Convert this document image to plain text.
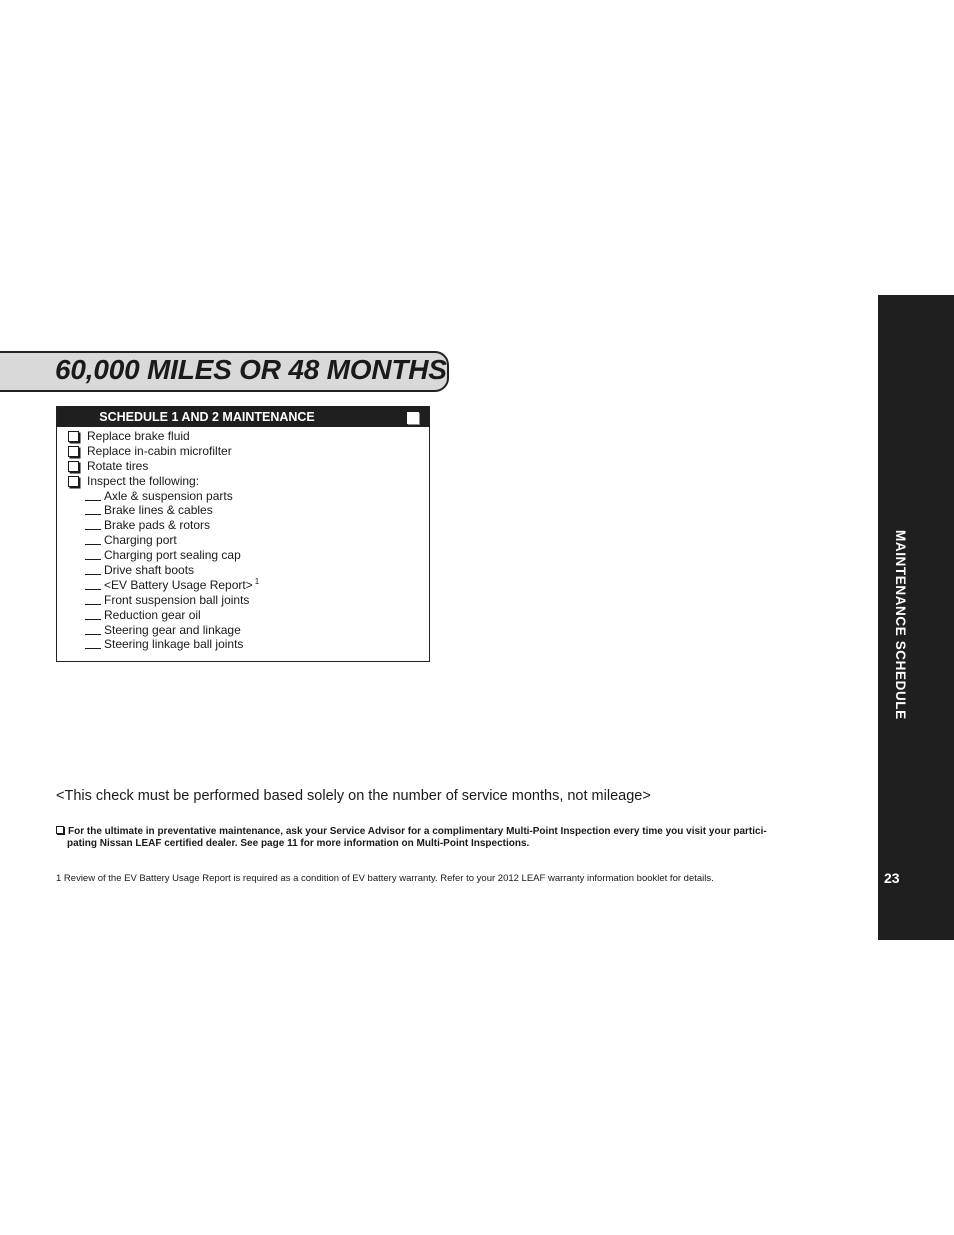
60,000 MILES OR 48 MONTHS
SCHEDULE 1 AND 2 MAINTENANCE
Replace brake fluid
Replace in-cabin microfilter
Rotate tires
Inspect the following:
Axle & suspension parts
Brake lines & cables
Brake pads & rotors
Charging port
Charging port sealing cap
Drive shaft boots
<EV Battery Usage Report> $^1$
Front suspension ball joints
Reduction gear oil
Steering gear and linkage
Steering linkage ball joints
<This check must be performed based solely on the number of service months, not mileage>
For the ultimate in preventative maintenance, ask your Service Advisor for a complimentary Multi-Point Inspection every time you visit your partici-
pating Nissan LEAF certified dealer. See page 11 for more information on Multi-Point Inspections.
1 Review of the EV Battery Usage Report is required as a condition of EV battery warranty. Refer to your 2012 LEAF warranty information booklet for details.
MAINTENANCE SCHEDULE
23
